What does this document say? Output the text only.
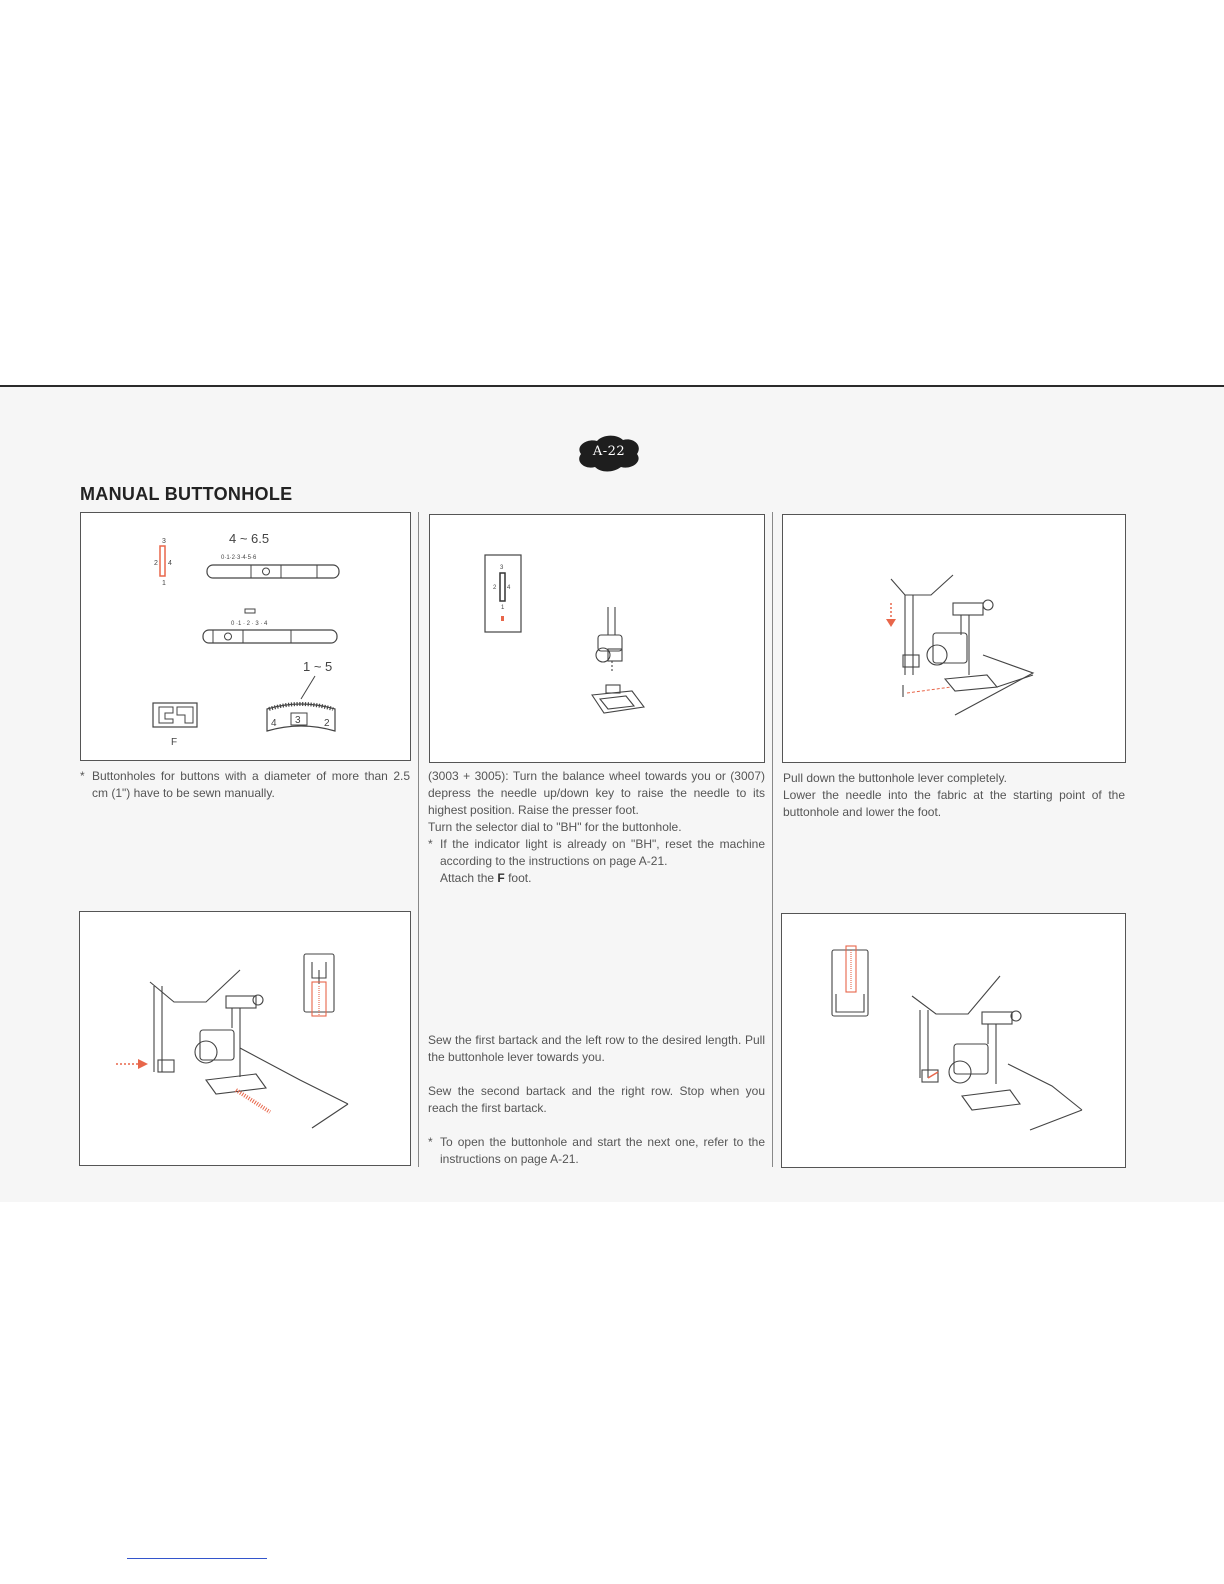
A-22
MANUAL BUTTONHOLE
3
2 4
1
4 ~ 6.5
0·1·2·3·4·5·6
0 ·1 · 2 · 3 · 4
1 ~ 5
4 3 2
F
3
2 4
1

* Buttonholes for buttons with a diameter of more than 2.5 cm (1") have to be sewn manually.

(3003 + 3005): Turn the balance wheel towards you or (3007) depress the needle up/down key to raise the needle to its highest position. Raise the presser foot.

Turn the selector dial to "BH" for the buttonhole.

* If the indicator light is already on "BH", reset the machine according to the instructions on page A-21.

Attach the F foot.

Sew the first bartack and the left row to the desired length. Pull the buttonhole lever towards you.

Sew the second bartack and the right row. Stop when you reach the first bartack.

* To open the buttonhole and start the next one, refer to the instructions on page A-21.

Pull down the buttonhole lever completely.

Lower the needle into the fabric at the starting point of the buttonhole and lower the foot.
